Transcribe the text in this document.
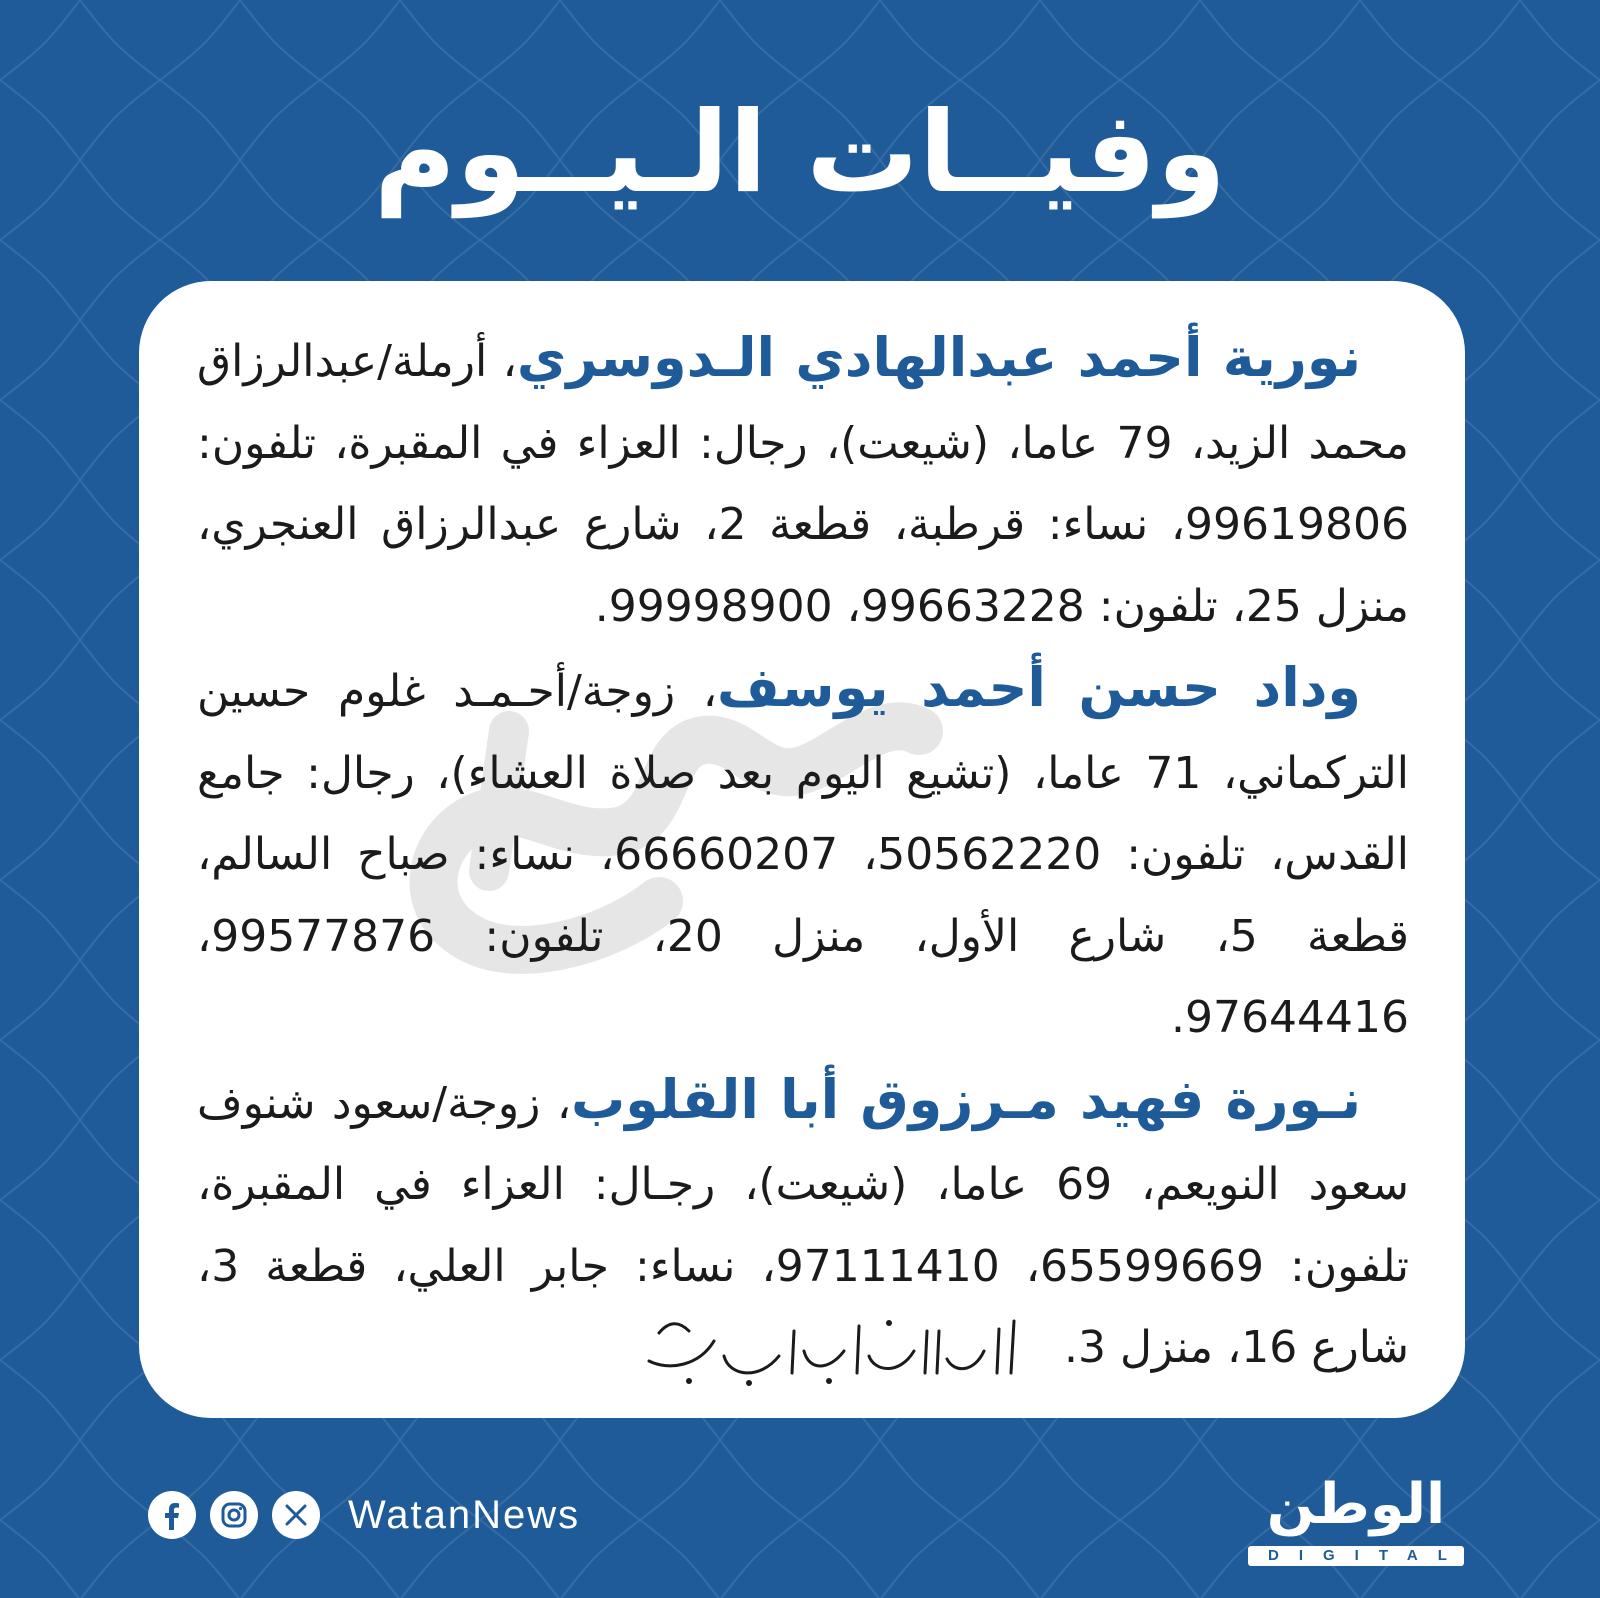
وفيــات الـيــوم

نورية أحمد عبدالهادي الـدوسري، أرملة/عبدالرزاق محمد الزيد، 79 عاما، (شيعت)، رجال: العزاء في المقبرة، تلفون: 99619806، نساء: قرطبة، قطعة 2، شارع عبدالرزاق العنجري، منزل 25، تلفون: 99663228، 99998900.

وداد حسن أحمد يوسف، زوجة/أحـمـد غلوم حسين التركماني، 71 عاما، (تشيع اليوم بعد صلاة العشاء)، رجال: جامع القدس، تلفون: 50562220، 66660207، نساء: صباح السالم، قطعة 5، شارع الأول، منزل 20، تلفون: 99577876، 97644416.

نـورة فهيد مـرزوق أبا القلوب، زوجة/سعود شنوف سعود النويعم، 69 عاما، (شيعت)، رجـال: العزاء في المقبرة، تلفون: 65599669، 97111410، نساء: جابر العلي، قطعة 3، شارع 16، منزل 3.

WatanNews	الوطن
DIGITAL
